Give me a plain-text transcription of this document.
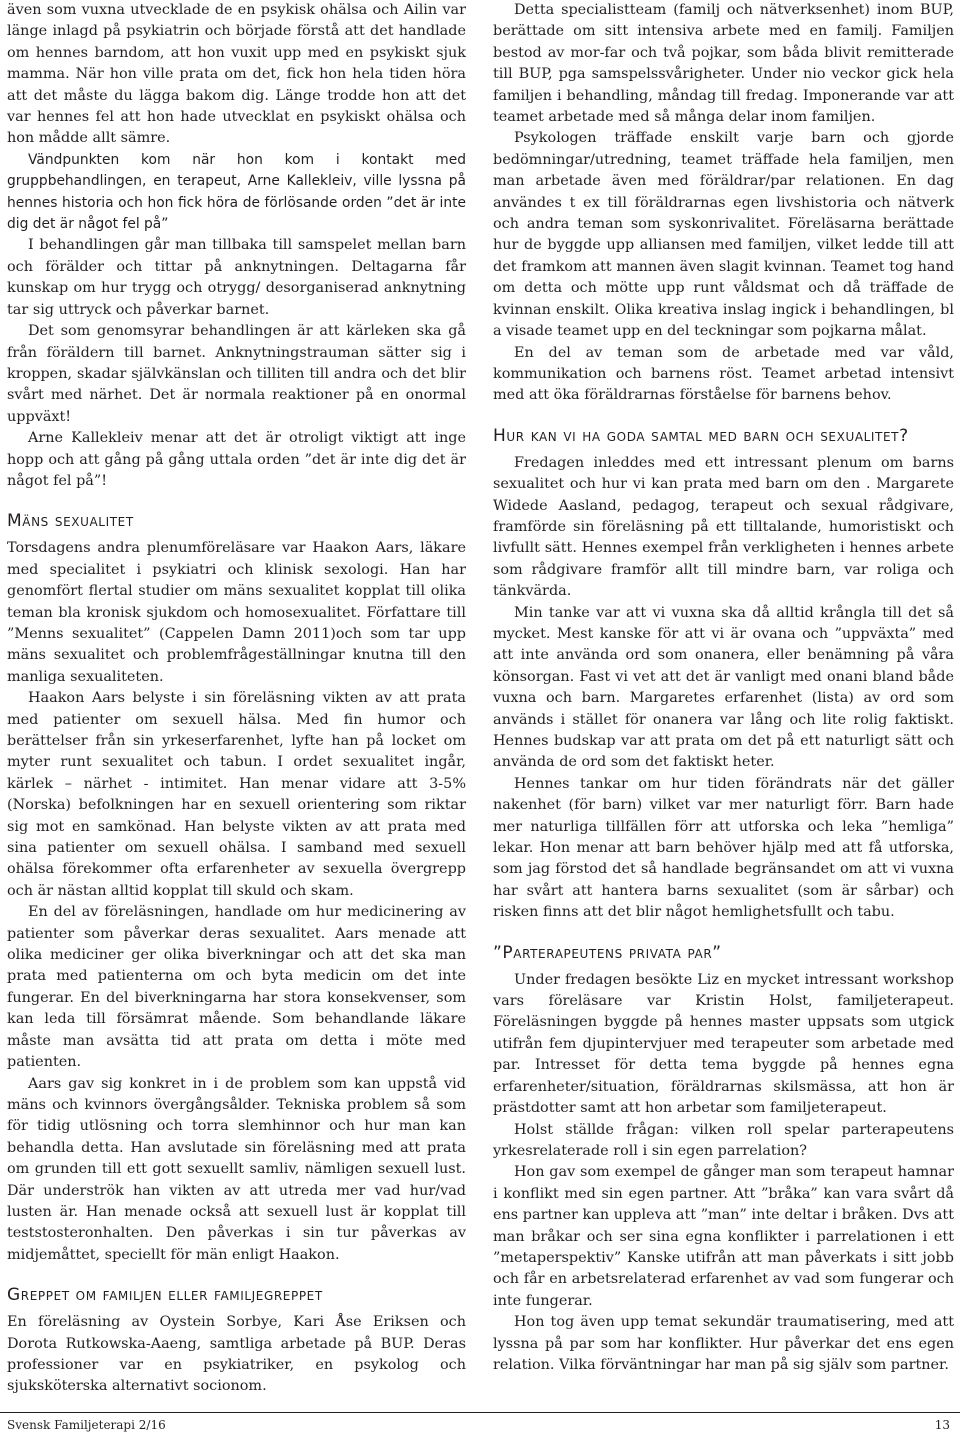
även som vuxna utvecklade de en psykisk ohälsa och Ailin var länge inlagd på psykiatrin och började förstå att det handlade om hennes barndom, att hon vuxit upp med en psykiskt sjuk mamma. När hon ville prata om det, fick hon hela tiden höra att det måste du lägga bakom dig. Länge trodde hon att det var hennes fel att hon hade utvecklat en psykiskt ohälsa och hon mådde allt sämre.

Vändpunkten kom när hon kom i kontakt med gruppbehandlingen, en terapeut, Arne Kallekleiv, ville lyssna på hennes historia och hon fick höra de förlösande orden ”det är inte dig det är något fel på”

I behandlingen går man tillbaka till samspelet mellan barn och förälder och tittar på anknytningen. Deltagarna får kunskap om hur trygg och otrygg/ desorganiserad anknytning tar sig uttryck och påverkar barnet.

Det som genomsyrar behandlingen är att kärleken ska gå från föräldern till barnet. Anknytningstrauman sätter sig i kroppen, skadar självkänslan och tilliten till andra och det blir svårt med närhet. Det är normala reaktioner på en onormal uppväxt!

Arne Kallekleiv menar att det är otroligt viktigt att inge hopp och att gång på gång uttala orden ”det är inte dig det är något fel på”!

Mäns sexualitet

Torsdagens andra plenumföreläsare var Haakon Aars, läkare med specialitet i psykiatri och klinisk sexologi. Han har genomfört flertal studier om mäns sexualitet kopplat till olika teman bla kronisk sjukdom och homosexualitet. Författare till ”Menns sexualitet” (Cappelen Damn 2011)och som tar upp mäns sexualitet och problemfrågeställningar knutna till den manliga sexualiteten.

Haakon Aars belyste i sin föreläsning vikten av att prata med patienter om sexuell hälsa. Med fin humor och berättelser från sin yrkeserfarenhet, lyfte han på locket om myter runt sexualitet och tabun. I ordet sexualitet ingår, kärlek – närhet - intimitet. Han menar vidare att 3-5% (Norska) befolkningen har en sexuell orientering som riktar sig mot en samkönad. Han belyste vikten av att prata med sina patienter om sexuell ohälsa. I samband med sexuell ohälsa förekommer ofta erfarenheter av sexuella övergrepp och är nästan alltid kopplat till skuld och skam.

En del av föreläsningen, handlade om hur medicinering av patienter som påverkar deras sexualitet. Aars menade att olika mediciner ger olika biverkningar och att det ska man prata med patienterna om och byta medicin om det inte fungerar. En del biverkningarna har stora konsekvenser, som kan leda till försämrat mående. Som behandlande läkare måste man avsätta tid att prata om detta i möte med patienten.

Aars gav sig konkret in i de problem som kan uppstå vid mäns och kvinnors övergångsålder. Tekniska problem så som för tidig utlösning och torra slemhinnor och hur man kan behandla detta. Han avslutade sin föreläsning med att prata om grunden till ett gott sexuellt samliv, nämligen sexuell lust. Där underströk han vikten av att utreda mer vad hur/vad lusten är. Han menade också att sexuell lust är kopplat till teststosteronhalten. Den påverkas i sin tur påverkas av midjemåttet, speciellt för män enligt Haakon.

Greppet om familjen eller familjegreppet

En föreläsning av Oystein Sorbye, Kari Åse Eriksen och Dorota Rutkowska-Aaeng, samtliga arbetade på BUP. Deras professioner var en psykiatriker, en psykolog och sjuksköterska alternativt socionom.

Detta specialistteam (familj och nätverksenhet) inom BUP, berättade om sitt intensiva arbete med en familj. Familjen bestod av mor-far och två pojkar, som båda blivit remitterade till BUP, pga samspelssvårigheter. Under nio veckor gick hela familjen i behandling, måndag till fredag. Imponerande var att teamet arbetade med så många delar inom familjen.

Psykologen träffade enskilt varje barn och gjorde bedömningar/utredning, teamet träffade hela familjen, men man arbetade även med föräldrar/par relationen. En dag användes t ex till föräldrarnas egen livshistoria och nätverk och andra teman som syskonrivalitet. Föreläsarna berättade hur de byggde upp alliansen med familjen, vilket ledde till att det framkom att mannen även slagit kvinnan. Teamet tog hand om detta och mötte upp runt våldsmat och då träffade de kvinnan enskilt. Olika kreativa inslag ingick i behandlingen, bl a visade teamet upp en del teckningar som pojkarna målat.

En del av teman som de arbetade med var våld, kommunikation och barnens röst. Teamet arbetad intensivt med att öka föräldrarnas förståelse för barnens behov.

Hur kan vi ha goda samtal med barn och sexualitet?

Fredagen inleddes med ett intressant plenum om barns sexualitet och hur vi kan prata med barn om den . Margarete Widede Aasland, pedagog, terapeut och sexual rådgivare, framförde sin föreläsning på ett tilltalande, humoristiskt och livfullt sätt. Hennes exempel från verkligheten i hennes arbete som rådgivare framför allt till mindre barn, var roliga och tänkvärda.

Min tanke var att vi vuxna ska då alltid krångla till det så mycket. Mest kanske för att vi är ovana och ”uppväxta” med att inte använda ord som onanera, eller benämning på våra könsorgan. Fast vi vet att det är vanligt med onani bland både vuxna och barn. Margaretes erfarenhet (lista) av ord som används i stället för onanera var lång och lite rolig faktiskt. Hennes budskap var att prata om det på ett naturligt sätt och använda de ord som det faktiskt heter.

Hennes tankar om hur tiden förändrats när det gäller nakenhet (för barn) vilket var mer naturligt förr. Barn hade mer naturliga tillfällen förr att utforska och leka ”hemliga” lekar. Hon menar att barn behöver hjälp med att få utforska, som jag förstod det så handlade begränsandet om att vi vuxna har svårt att hantera barns sexualitet (som är sårbar) och risken finns att det blir något hemlighetsfullt och tabu.

”Parterapeutens privata par”

Under fredagen besökte Liz en mycket intressant workshop vars föreläsare var Kristin Holst, familjeterapeut. Föreläsningen byggde på hennes master uppsats som utgick utifrån fem djupintervjuer med terapeuter som arbetade med par. Intresset för detta tema byggde på hennes egna erfarenheter/situation, föräldrarnas skilsmässa, att hon är prästdotter samt att hon arbetar som familjeterapeut.

Holst ställde frågan: vilken roll spelar parterapeutens yrkesrelaterade roll i sin egen parrelation?

Hon gav som exempel de gånger man som terapeut hamnar i konflikt med sin egen partner. Att ”bråka” kan vara svårt då ens partner kan uppleva att ”man” inte deltar i bråken. Dvs att man bråkar och ser sina egna konflikter i parrelationen i ett ”metaperspektiv” Kanske utifrån att man påverkats i sitt jobb och får en arbetsrelaterad erfarenhet av vad som fungerar och inte fungerar.

Hon tog även upp temat sekundär traumatisering, med att lyssna på par som har konflikter. Hur påverkar det ens egen relation. Vilka förväntningar har man på sig själv som partner.

Svensk Familjeterapi 2/16	13
